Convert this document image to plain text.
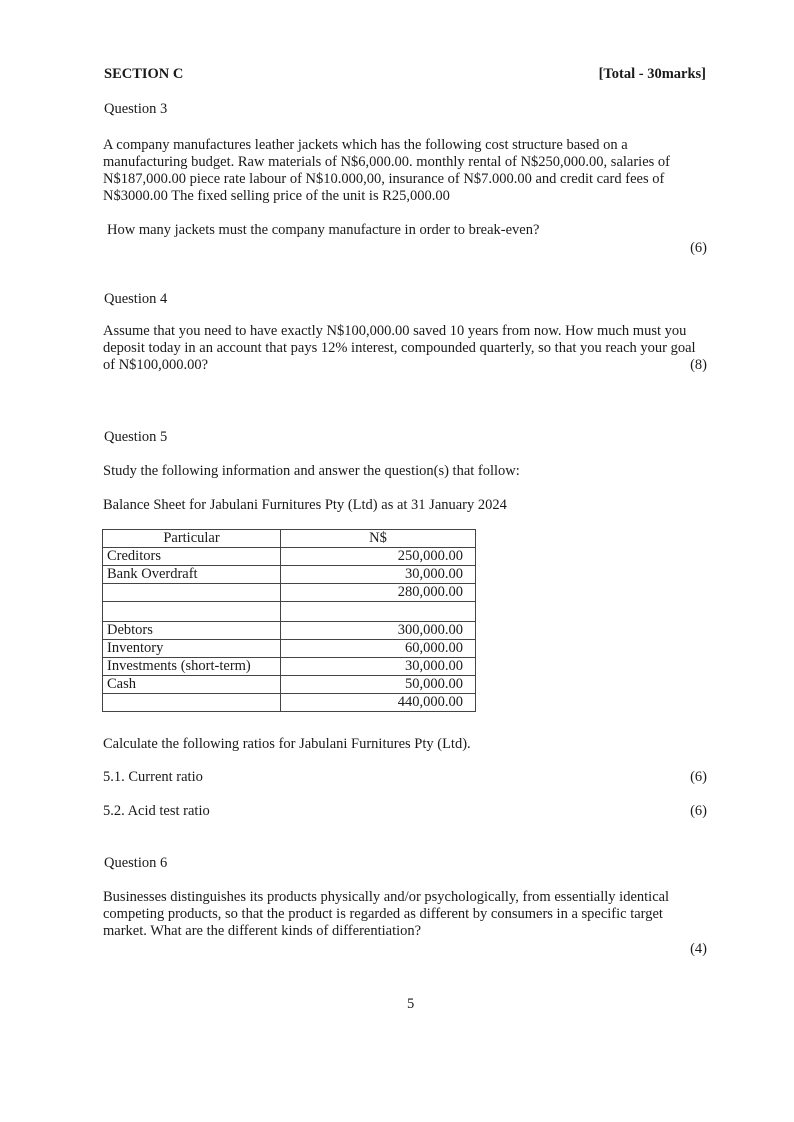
SECTION C	[Total - 30marks]
Question 3
A company manufactures leather jackets which has the following cost structure based on a
manufacturing budget. Raw materials of N$6,000.00. monthly rental of N$250,000.00, salaries of
N$187,000.00 piece rate labour of N$10.000,00, insurance of N$7.000.00 and credit card fees of
N$3000.00 The fixed selling price of the unit is R25,000.00
How many jackets must the company manufacture in order to break-even?
(6)
Question 4
Assume that you need to have exactly N$100,000.00 saved 10 years from now. How much must you
deposit today in an account that pays 12% interest, compounded quarterly, so that you reach your goal
of N$100,000.00?	(8)
Question 5
Study the following information and answer the question(s) that follow:
Balance Sheet for Jabulani Furnitures Pty (Ltd) as at 31 January 2024
Particular	N$
Creditors	250,000.00
Bank Overdraft	30,000.00
	280,000.00

Debtors	300,000.00
Inventory	60,000.00
Investments (short-term)	30,000.00
Cash	50,000.00
	440,000.00
Calculate the following ratios for Jabulani Furnitures Pty (Ltd).
5.1. Current ratio	(6)
5.2. Acid test ratio	(6)
Question 6
Businesses distinguishes its products physically and/or psychologically, from essentially identical
competing products, so that the product is regarded as different by consumers in a specific target
market. What are the different kinds of differentiation?
(4)
5
